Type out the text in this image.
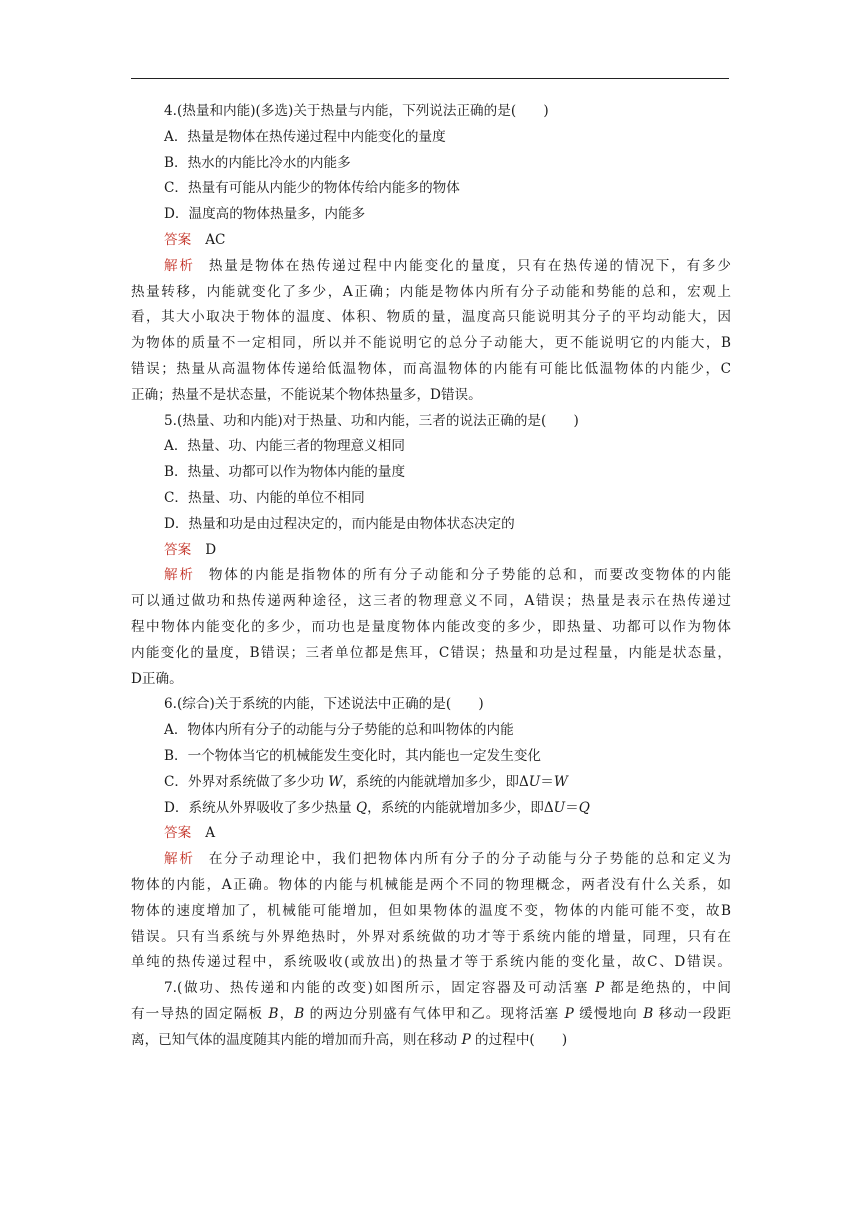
4.(热量和内能)(多选)关于热量与内能，下列说法正确的是(　　)
A．热量是物体在热传递过程中内能变化的量度
B．热水的内能比冷水的内能多
C．热量有可能从内能少的物体传给内能多的物体
D．温度高的物体热量多，内能多
答案 AC
解析 热量是物体在热传递过程中内能变化的量度，只有在热传递的情况下，有多少
热量转移，内能就变化了多少，A正确；内能是物体内所有分子动能和势能的总和，宏观上
看，其大小取决于物体的温度、体积、物质的量，温度高只能说明其分子的平均动能大，因
为物体的质量不一定相同，所以并不能说明它的总分子动能大，更不能说明它的内能大，B
错误；热量从高温物体传递给低温物体，而高温物体的内能有可能比低温物体的内能少，C
正确；热量不是状态量，不能说某个物体热量多，D错误。
5.(热量、功和内能)对于热量、功和内能，三者的说法正确的是(　　)
A．热量、功、内能三者的物理意义相同
B．热量、功都可以作为物体内能的量度
C．热量、功、内能的单位不相同
D．热量和功是由过程决定的，而内能是由物体状态决定的
答案 D
解析 物体的内能是指物体的所有分子动能和分子势能的总和，而要改变物体的内能
可以通过做功和热传递两种途径，这三者的物理意义不同，A错误；热量是表示在热传递过
程中物体内能变化的多少，而功也是量度物体内能改变的多少，即热量、功都可以作为物体
内能变化的量度，B错误；三者单位都是焦耳，C错误；热量和功是过程量，内能是状态量，
D正确。
6.(综合)关于系统的内能，下述说法中正确的是(　　)
A．物体内所有分子的动能与分子势能的总和叫物体的内能
B．一个物体当它的机械能发生变化时，其内能也一定发生变化
C．外界对系统做了多少功 W，系统的内能就增加多少，即ΔU＝W
D．系统从外界吸收了多少热量 Q，系统的内能就增加多少，即ΔU＝Q
答案 A
解析 在分子动理论中，我们把物体内所有分子的分子动能与分子势能的总和定义为
物体的内能，A正确。物体的内能与机械能是两个不同的物理概念，两者没有什么关系，如
物体的速度增加了，机械能可能增加，但如果物体的温度不变，物体的内能可能不变，故B
错误。只有当系统与外界绝热时，外界对系统做的功才等于系统内能的增量，同理，只有在
单纯的热传递过程中，系统吸收(或放出)的热量才等于系统内能的变化量，故C、D错误。
7.(做功、热传递和内能的改变)如图所示，固定容器及可动活塞 P 都是绝热的，中间
有一导热的固定隔板 B，B 的两边分别盛有气体甲和乙。现将活塞 P 缓慢地向 B 移动一段距
离，已知气体的温度随其内能的增加而升高，则在移动 P 的过程中(　　)
